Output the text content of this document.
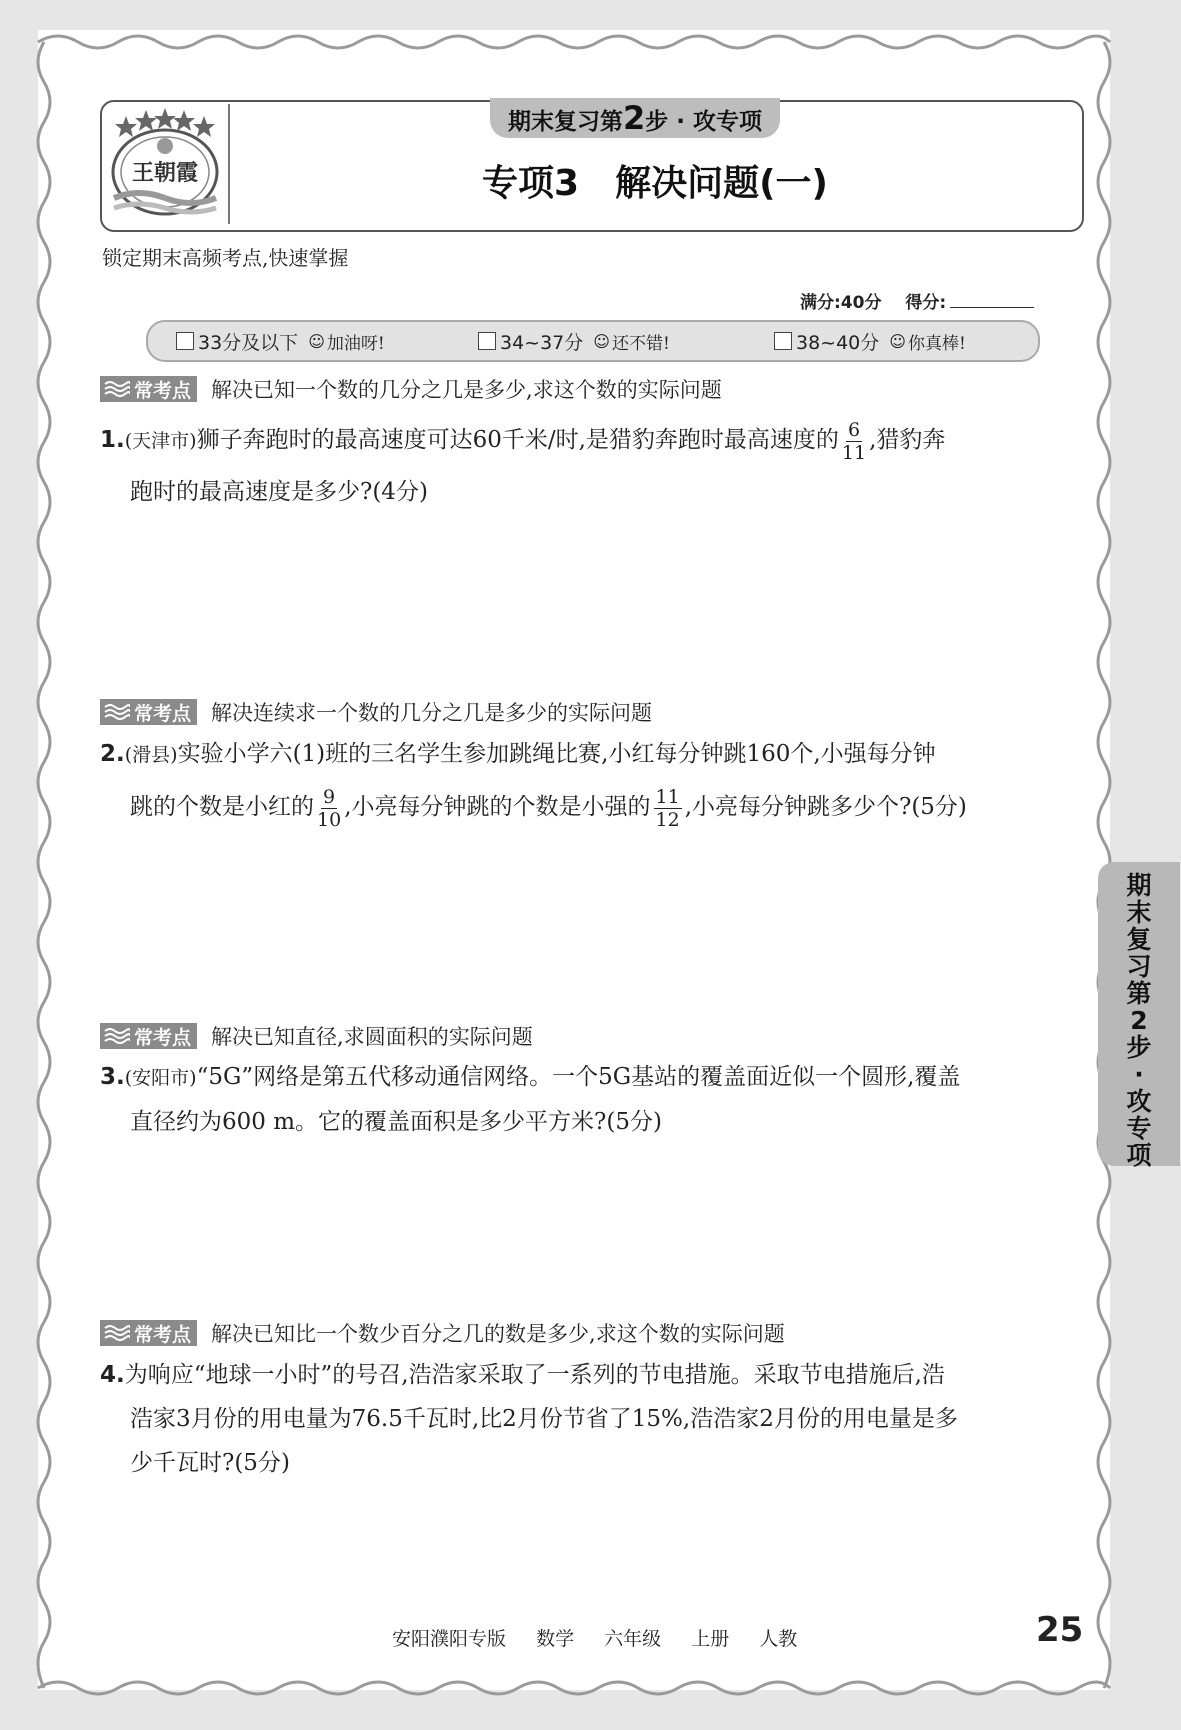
王朝霞
期末复习第2步 · 攻专项
专项3　解决问题(一)
锁定期末高频考点,快速掌握
满分:40分 得分:
33分及以下 ☺ 加油呀!	34~37分 ☺ 还不错!	38~40分 ☺ 你真棒!
常考点 解决已知一个数的几分之几是多少,求这个数的实际问题
1.(天津市)狮子奔跑时的最高速度可达60千米/时,是猎豹奔跑时最高速度的 $\frac{6}{11}$ ,猎豹奔
跑时的最高速度是多少?(4分)
常考点 解决连续求一个数的几分之几是多少的实际问题
2.(滑县)实验小学六(1)班的三名学生参加跳绳比赛,小红每分钟跳160个,小强每分钟
跳的个数是小红的 $\frac{9}{10}$ ,小亮每分钟跳的个数是小强的 $\frac{11}{12}$ ,小亮每分钟跳多少个?(5分)
常考点 解决已知直径,求圆面积的实际问题
3.(安阳市)“5G”网络是第五代移动通信网络。一个5G基站的覆盖面近似一个圆形,覆盖
直径约为600 m。它的覆盖面积是多少平方米?(5分)
常考点 解决已知比一个数少百分之几的数是多少,求这个数的实际问题
4.为响应“地球一小时”的号召,浩浩家采取了一系列的节电措施。采取节电措施后,浩
浩家3月份的用电量为76.5千瓦时,比2月份节省了15%,浩浩家2月份的用电量是多
少千瓦时?(5分)
期
末
复
习
第
2
步
·
攻
专
项
安阳濮阳专版 数学 六年级 上册 人教	25
